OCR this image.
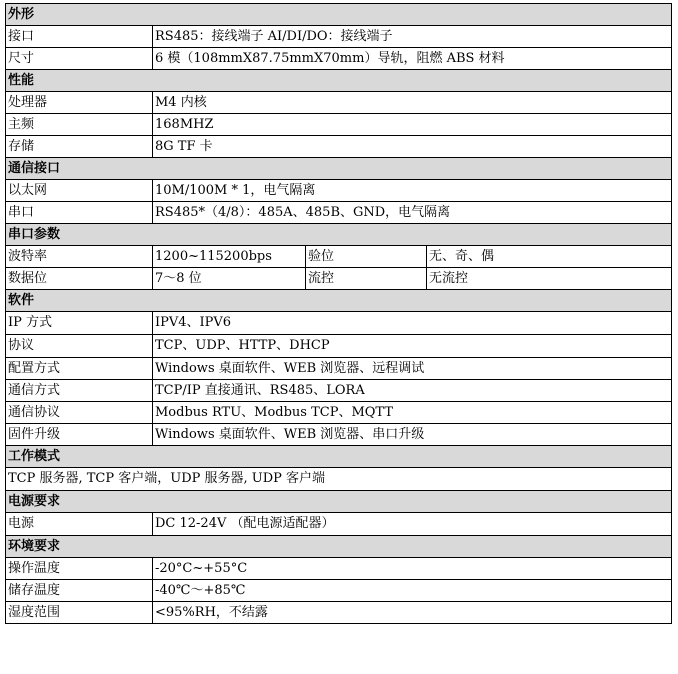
外形			
接口	RS485：接线端子 AI/DI/DO：接线端子		
尺寸	6 模（108mmX87.75mmX70mm）导轨，阻燃 ABS 材料		
性能			
处理器	M4 内核		
主频	168MHZ		
存储	8G TF 卡		
通信接口			
以太网	10M/100M * 1，电气隔离		
串口	RS485*（4/8）：485A、485B、GND，电气隔离		
串口参数			
波特率	1200~115200bps	验位	无、奇、偶
数据位	7～8 位	流控	无流控
软件			
IP 方式	IPV4、IPV6		
协议	TCP、UDP、HTTP、DHCP		
配置方式	Windows 桌面软件、WEB 浏览器、远程调试		
通信方式	TCP/IP 直接通讯、RS485、LORA		
通信协议	Modbus RTU、Modbus TCP、MQTT		
固件升级	Windows 桌面软件、WEB 浏览器、串口升级		
工作模式			
TCP 服务器, TCP 客户端，UDP 服务器, UDP 客户端			
电源要求			
电源	DC 12-24V （配电源适配器）		
环境要求			
操作温度	-20°C~+55°C		
储存温度	-40℃～+85℃		
湿度范围	<95%RH，不结露		
